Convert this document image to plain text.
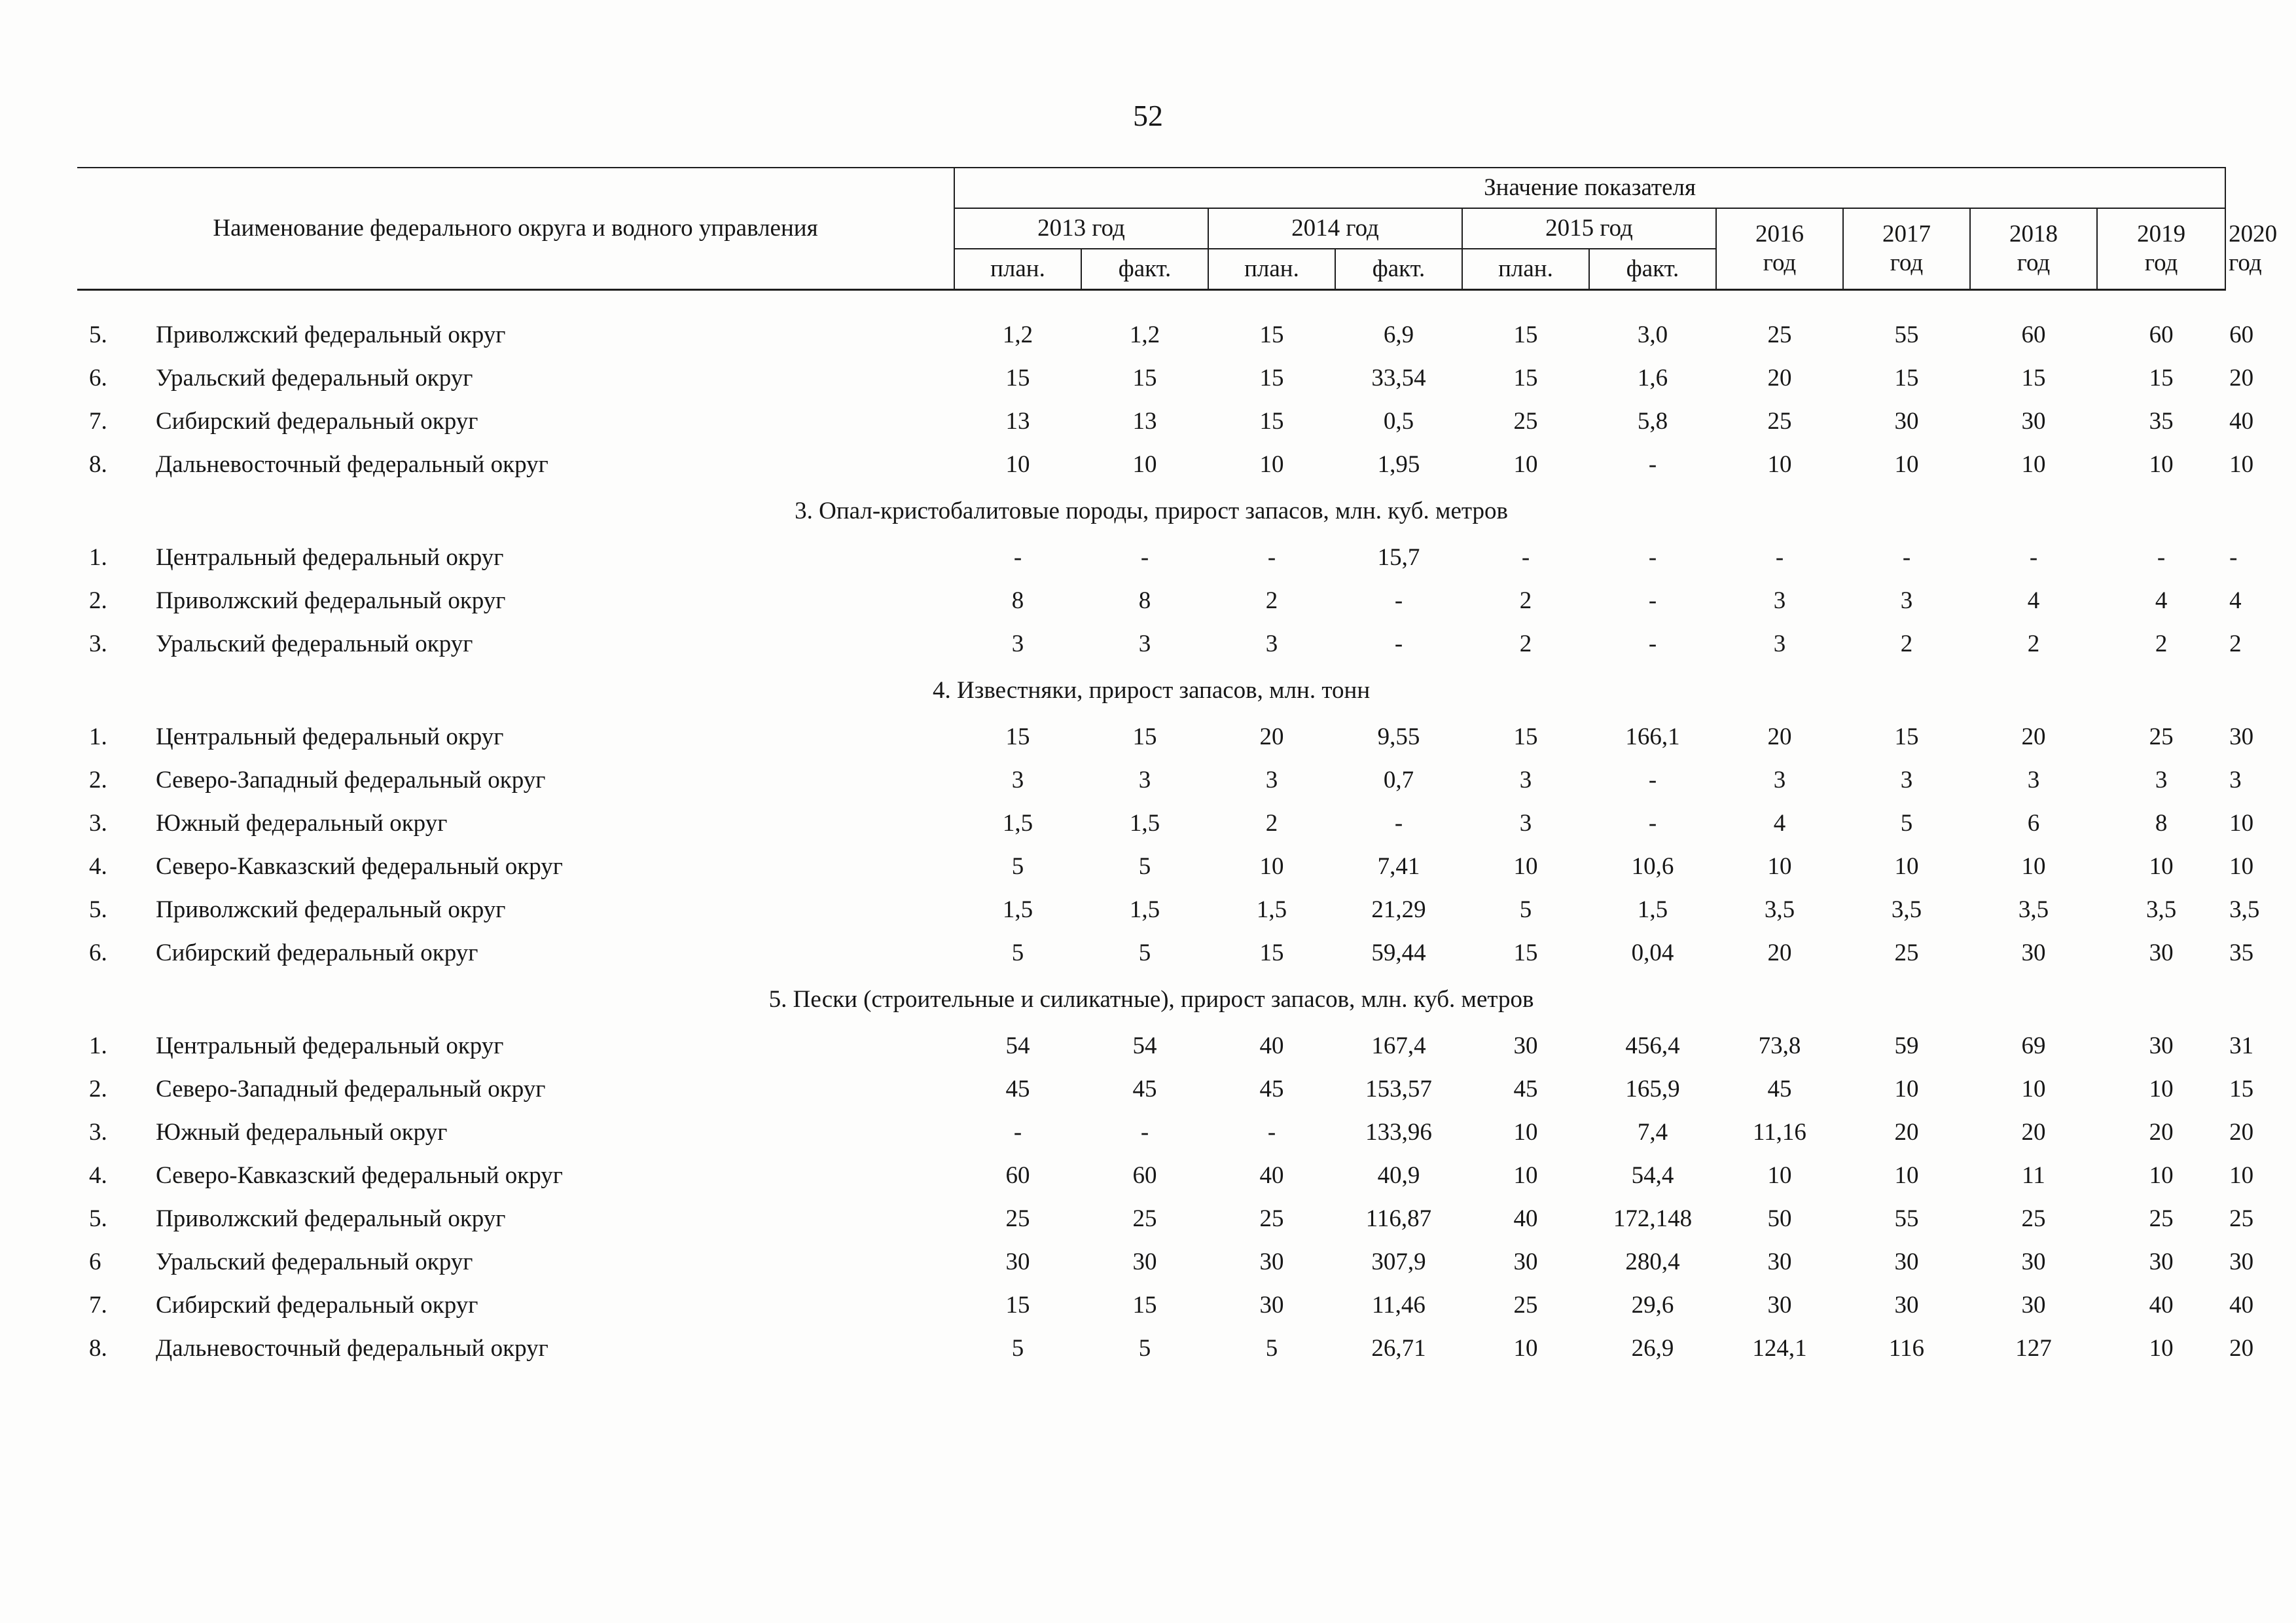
52
Наименование федерального округа и водного управления		Значение показателя										
		2013 год		2014 год		2015 год		2016
год	2017
год	2018
год	2019
год	2020
год
		план.	факт.	план.	факт.	план.	факт.					
5.	Приволжский федеральный округ	1,2	1,2	15	6,9	15	3,0	25	55	60	60	60
6.	Уральский федеральный округ	15	15	15	33,54	15	1,6	20	15	15	15	20
7.	Сибирский федеральный округ	13	13	15	0,5	25	5,8	25	30	30	35	40
8.	Дальневосточный федеральный округ	10	10	10	1,95	10	-	10	10	10	10	10
3. Опал-кристобалитовые породы, прирост запасов, млн. куб. метров												
1.	Центральный федеральный округ	-	-	-	15,7	-	-	-	-	-	-	-
2.	Приволжский федеральный округ	8	8	2	-	2	-	3	3	4	4	4
3.	Уральский федеральный округ	3	3	3	-	2	-	3	2	2	2	2
4. Известняки, прирост запасов, млн. тонн												
1.	Центральный федеральный округ	15	15	20	9,55	15	166,1	20	15	20	25	30
2.	Северо-Западный федеральный округ	3	3	3	0,7	3	-	3	3	3	3	3
3.	Южный федеральный округ	1,5	1,5	2	-	3	-	4	5	6	8	10
4.	Северо-Кавказский федеральный округ	5	5	10	7,41	10	10,6	10	10	10	10	10
5.	Приволжский федеральный округ	1,5	1,5	1,5	21,29	5	1,5	3,5	3,5	3,5	3,5	3,5
6.	Сибирский федеральный округ	5	5	15	59,44	15	0,04	20	25	30	30	35
5. Пески (строительные и силикатные), прирост запасов, млн. куб. метров												
1.	Центральный федеральный округ	54	54	40	167,4	30	456,4	73,8	59	69	30	31
2.	Северо-Западный федеральный округ	45	45	45	153,57	45	165,9	45	10	10	10	15
3.	Южный федеральный округ	-	-	-	133,96	10	7,4	11,16	20	20	20	20
4.	Северо-Кавказский федеральный округ	60	60	40	40,9	10	54,4	10	10	11	10	10
5.	Приволжский федеральный округ	25	25	25	116,87	40	172,148	50	55	25	25	25
6	Уральский федеральный округ	30	30	30	307,9	30	280,4	30	30	30	30	30
7.	Сибирский федеральный округ	15	15	30	11,46	25	29,6	30	30	30	40	40
8.	Дальневосточный федеральный округ	5	5	5	26,71	10	26,9	124,1	116	127	10	20
